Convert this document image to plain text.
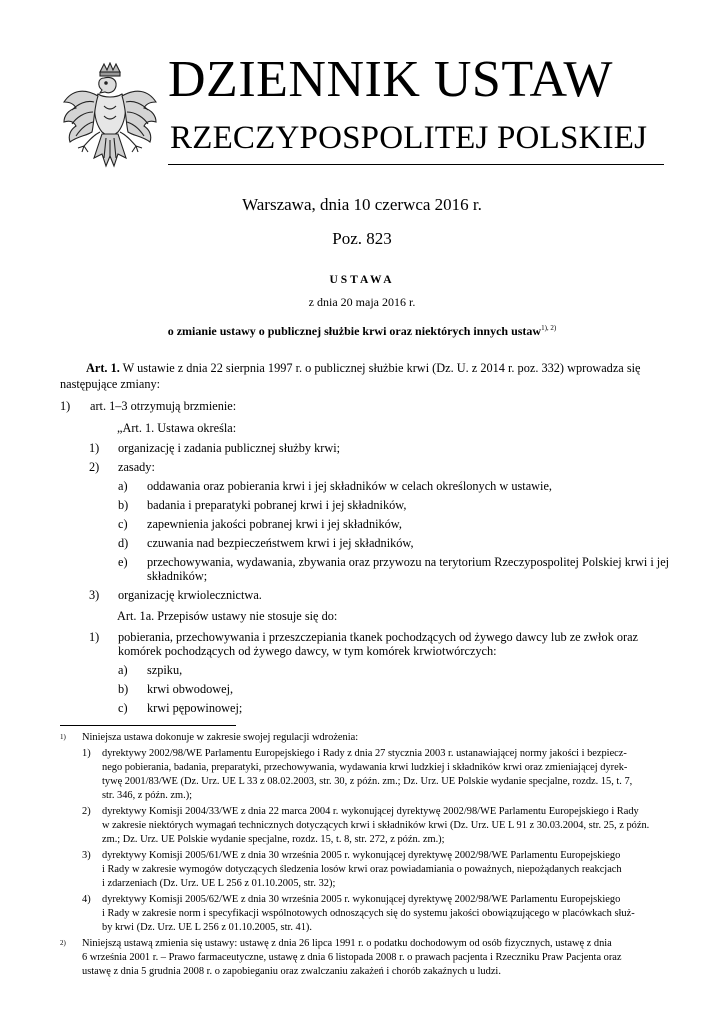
DZIENNIK USTAW
RZECZYPOSPOLITEJ POLSKIEJ
Warszawa, dnia 10 czerwca 2016 r.
Poz. 823
USTAWA
z dnia 20 maja 2016 r.
o zmianie ustawy o publicznej służbie krwi oraz niektórych innych ustaw$^{1), 2)}$
Art. 1. W ustawie z dnia 22 sierpnia 1997 r. o publicznej służbie krwi (Dz. U. z 2014 r. poz. 332) wprowadza się
następujące zmiany:
1) art. 1–3 otrzymują brzmienie:
„Art. 1. Ustawa określa:
1) organizację i zadania publicznej służby krwi;
2) zasady:
a) oddawania oraz pobierania krwi i jej składników w celach określonych w ustawie,
b) badania i preparatyki pobranej krwi i jej składników,
c) zapewnienia jakości pobranej krwi i jej składników,
d) czuwania nad bezpieczeństwem krwi i jej składników,
e) przechowywania, wydawania, zbywania oraz przywozu na terytorium Rzeczypospolitej Polskiej krwi i jej
składników;
3) organizację krwiolecznictwa.
Art. 1a. Przepisów ustawy nie stosuje się do:
1) pobierania, przechowywania i przeszczepiania tkanek pochodzących od żywego dawcy lub ze zwłok oraz
komórek pochodzących od żywego dawcy, w tym komórek krwiotwórczych:
a) szpiku,
b) krwi obwodowej,
c) krwi pępowinowej;
1) Niniejsza ustawa dokonuje w zakresie swojej regulacji wdrożenia:
1) dyrektywy 2002/98/WE Parlamentu Europejskiego i Rady z dnia 27 stycznia 2003 r. ustanawiającej normy jakości i bezpiecz-
nego pobierania, badania, preparatyki, przechowywania, wydawania krwi ludzkiej i składników krwi oraz zmieniającej dyrek-
tywę 2001/83/WE (Dz. Urz. UE L 33 z 08.02.2003, str. 30, z późn. zm.; Dz. Urz. UE Polskie wydanie specjalne, rozdz. 15, t. 7,
str. 346, z późn. zm.);
2) dyrektywy Komisji 2004/33/WE z dnia 22 marca 2004 r. wykonującej dyrektywę 2002/98/WE Parlamentu Europejskiego i Rady
w zakresie niektórych wymagań technicznych dotyczących krwi i składników krwi (Dz. Urz. UE L 91 z 30.03.2004, str. 25, z późn.
zm.; Dz. Urz. UE Polskie wydanie specjalne, rozdz. 15, t. 8, str. 272, z późn. zm.);
3) dyrektywy Komisji 2005/61/WE z dnia 30 września 2005 r. wykonującej dyrektywę 2002/98/WE Parlamentu Europejskiego
i Rady w zakresie wymogów dotyczących śledzenia losów krwi oraz powiadamiania o poważnych, niepożądanych reakcjach
i zdarzeniach (Dz. Urz. UE L 256 z 01.10.2005, str. 32);
4) dyrektywy Komisji 2005/62/WE z dnia 30 września 2005 r. wykonującej dyrektywę 2002/98/WE Parlamentu Europejskiego
i Rady w zakresie norm i specyfikacji wspólnotowych odnoszących się do systemu jakości obowiązującego w placówkach służ-
by krwi (Dz. Urz. UE L 256 z 01.10.2005, str. 41).
2) Niniejszą ustawą zmienia się ustawy: ustawę z dnia 26 lipca 1991 r. o podatku dochodowym od osób fizycznych, ustawę z dnia
6 września 2001 r. – Prawo farmaceutyczne, ustawę z dnia 6 listopada 2008 r. o prawach pacjenta i Rzeczniku Praw Pacjenta oraz
ustawę z dnia 5 grudnia 2008 r. o zapobieganiu oraz zwalczaniu zakażeń i chorób zakaźnych u ludzi.
